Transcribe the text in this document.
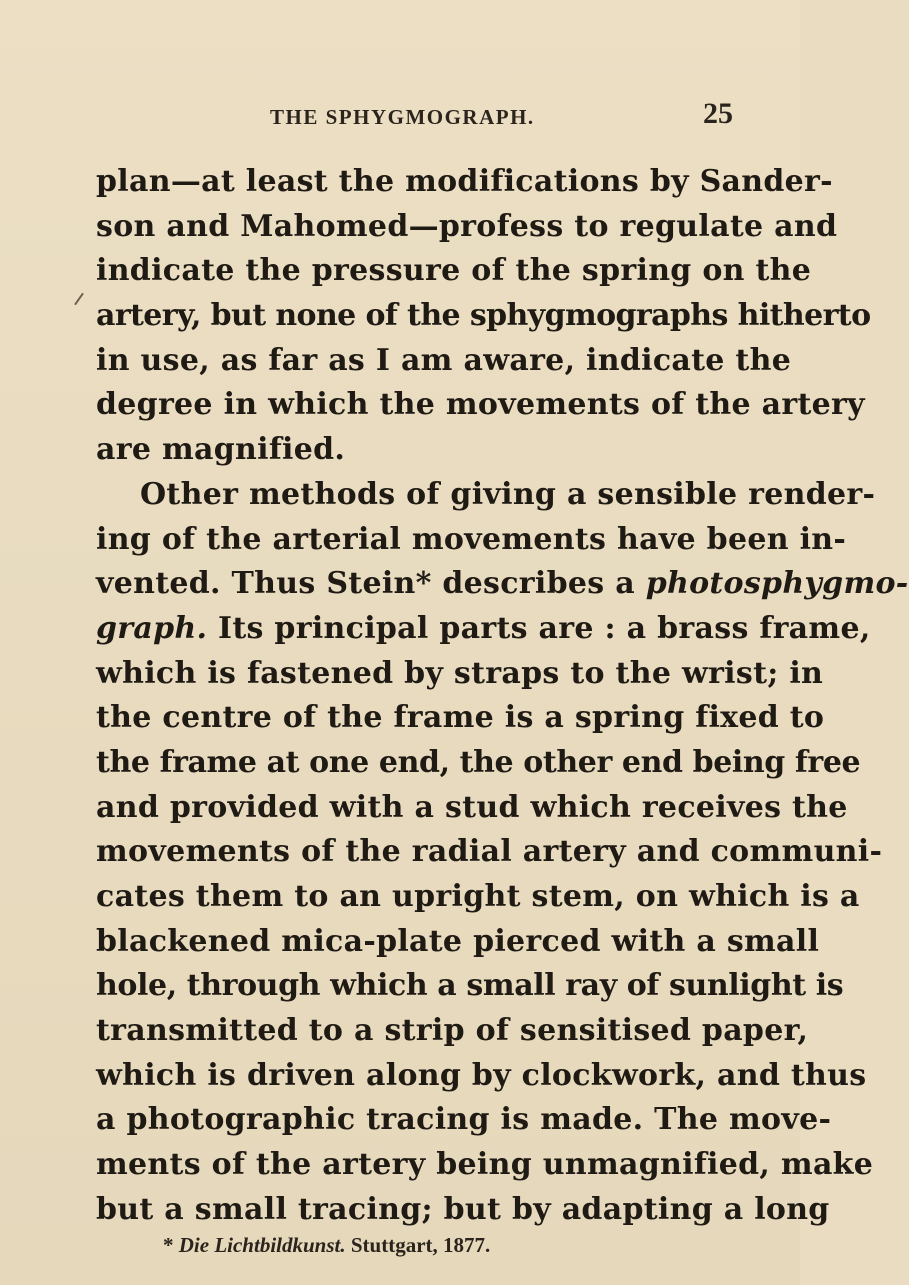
THE SPHYGMOGRAPH.	25
plan—at least the modifications by Sander-
son and Mahomed—profess to regulate and
indicate the pressure of the spring on the
artery, but none of the sphygmographs hitherto
in use, as far as I am aware, indicate the
degree in which the movements of the artery
are magnified.
Other methods of giving a sensible render-
ing of the arterial movements have been in-
vented. Thus Stein* describes a photosphygmo-
graph. Its principal parts are : a brass frame,
which is fastened by straps to the wrist; in
the centre of the frame is a spring fixed to
the frame at one end, the other end being free
and provided with a stud which receives the
movements of the radial artery and communi-
cates them to an upright stem, on which is a
blackened mica-plate pierced with a small
hole, through which a small ray of sunlight is
transmitted to a strip of sensitised paper,
which is driven along by clockwork, and thus
a photographic tracing is made. The move-
ments of the artery being unmagnified, make
but a small tracing; but by adapting a long
* Die Lichtbildkunst. Stuttgart, 1877.
